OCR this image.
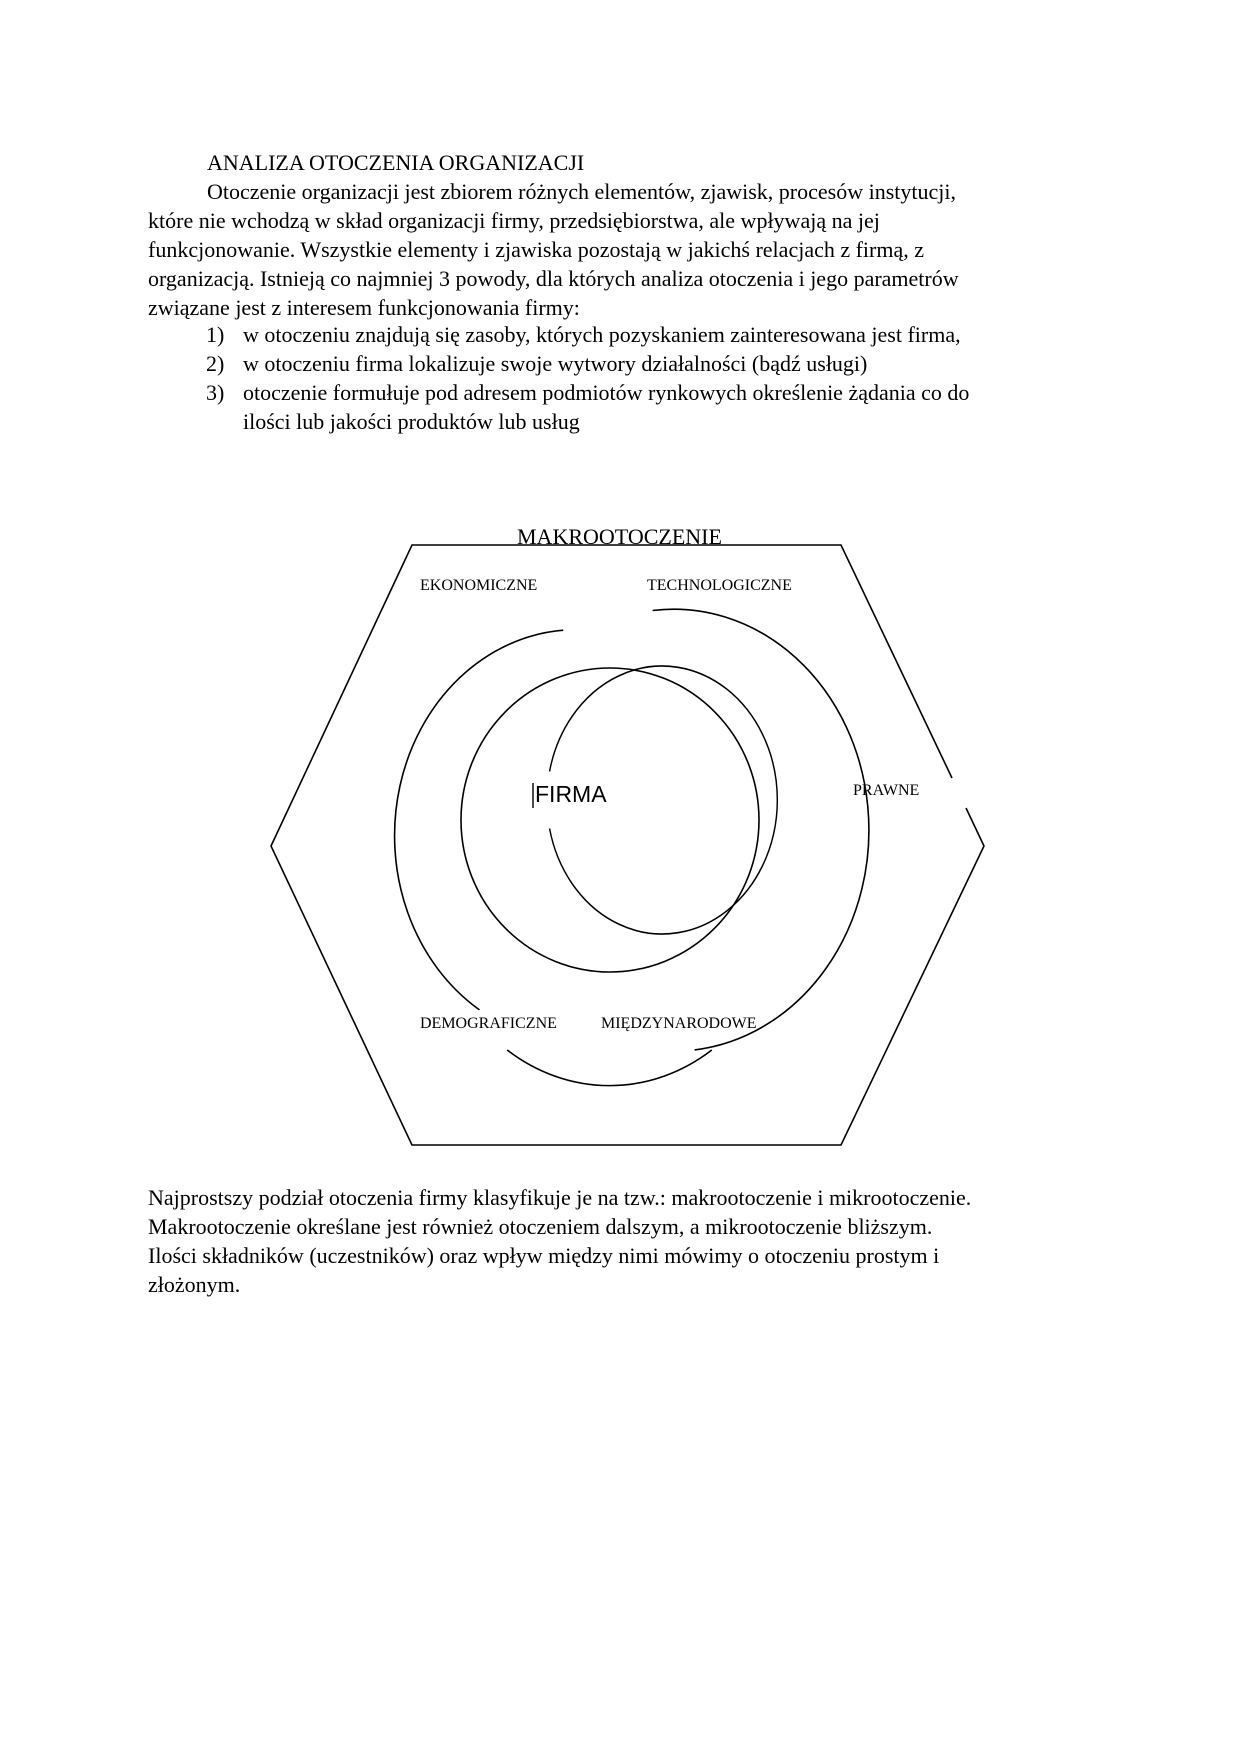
ANALIZA OTOCZENIA ORGANIZACJI

Otoczenie organizacji jest zbiorem różnych elementów, zjawisk, procesów instytucji,

które nie wchodzą w skład organizacji firmy, przedsiębiorstwa, ale wpływają na jej

funkcjonowanie. Wszystkie elementy i zjawiska pozostają w jakichś relacjach z firmą, z

organizacją. Istnieją co najmniej 3 powody, dla których analiza otoczenia i jego parametrów

związane jest z interesem funkcjonowania firmy:

1) w otoczeniu znajdują się zasoby, których pozyskaniem zainteresowana jest firma,
2) w otoczeniu firma lokalizuje swoje wytwory działalności (bądź usługi)
3) otoczenie formułuje pod adresem podmiotów rynkowych określenie żądania co do
ilości lub jakości produktów lub usług
MAKROOTOCZENIE
FIRMA
EKONOMICZNE	TECHNOLOGICZNE
PRAWNE
DEMOGRAFICZNE	MIĘDZYNARODOWE
Najprostszy podział otoczenia firmy klasyfikuje je na tzw.: makrootoczenie i mikrootoczenie.
Makrootoczenie określane jest również otoczeniem dalszym, a mikrootoczenie bliższym.
Ilości składników (uczestników) oraz wpływ między nimi mówimy o otoczeniu prostym i
złożonym.
